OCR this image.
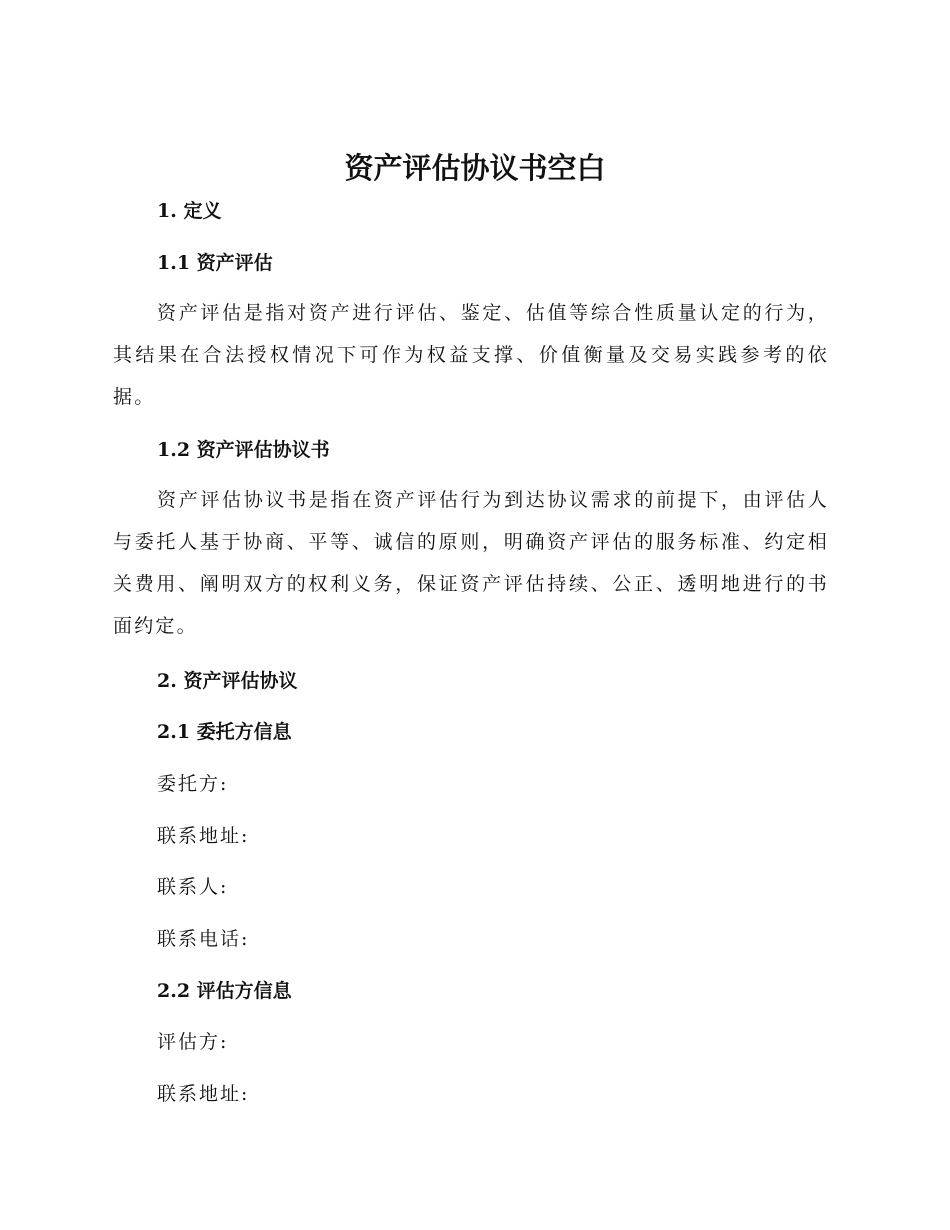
资产评估协议书空白
1. 定义
1.1 资产评估
资产评估是指对资产进行评估、鉴定、估值等综合性质量认定的行为，其结果在合法授权情况下可作为权益支撑、价值衡量及交易实践参考的依据。
1.2 资产评估协议书
资产评估协议书是指在资产评估行为到达协议需求的前提下，由评估人与委托人基于协商、平等、诚信的原则，明确资产评估的服务标准、约定相关费用、阐明双方的权利义务，保证资产评估持续、公正、透明地进行的书面约定。
2. 资产评估协议
2.1 委托方信息
委托方:
联系地址:
联系人:
联系电话:
2.2 评估方信息
评估方:
联系地址:
